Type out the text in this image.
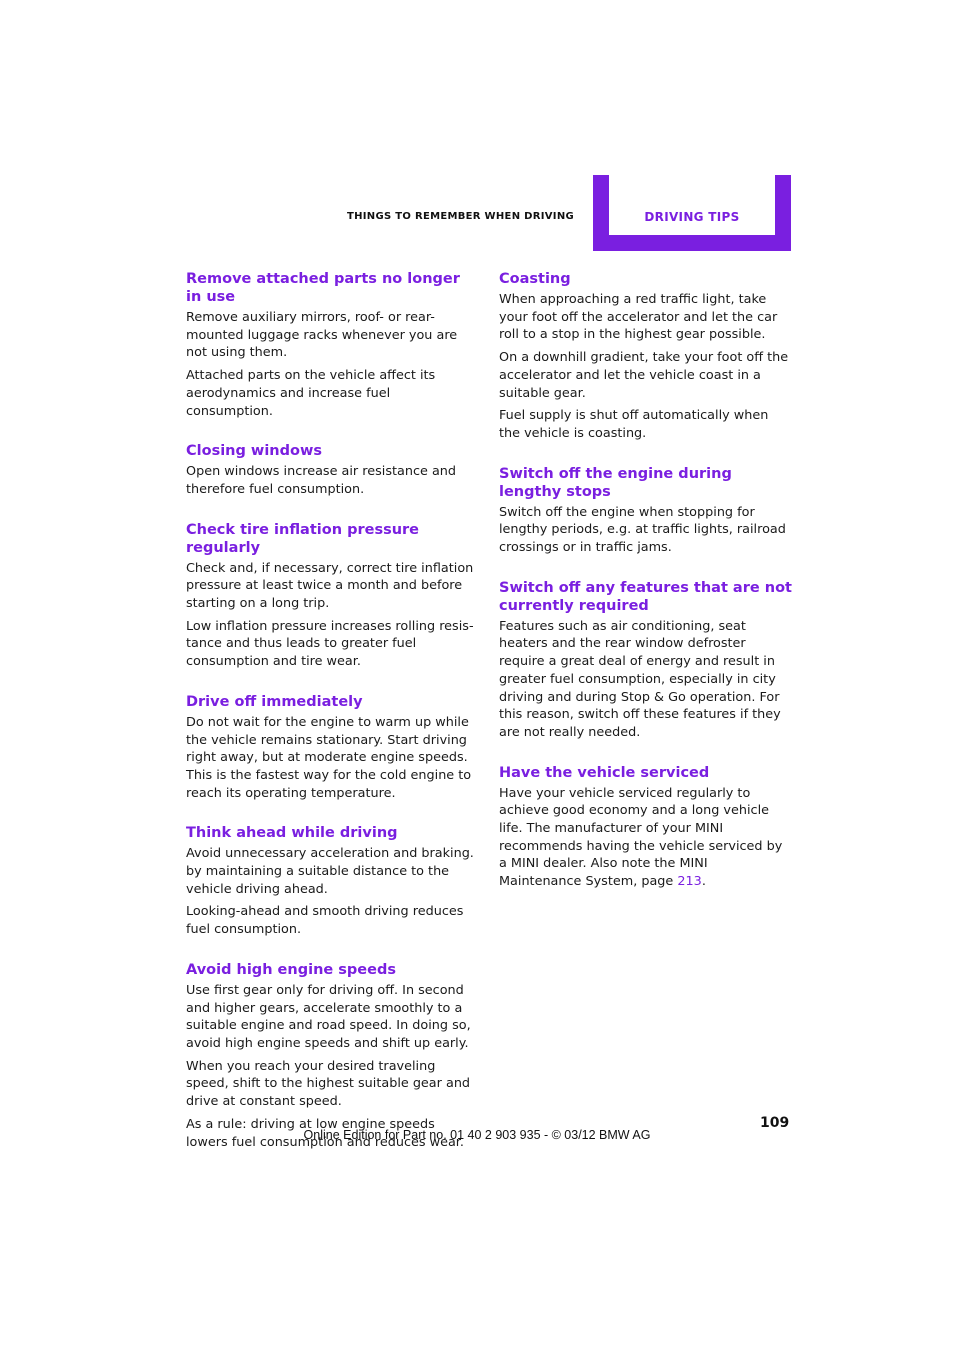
THINGS TO REMEMBER WHEN DRIVING	DRIVING TIPS
Remove attached parts no longer in use

Remove auxiliary mirrors, roof- or rear-mounted luggage racks whenever you are not using them.

Attached parts on the vehicle affect its aerodynamics and increase fuel consumption.

Closing windows

Open windows increase air resistance and therefore fuel consumption.

Check tire inflation pressure regularly

Check and, if necessary, correct tire inflation pressure at least twice a month and before starting on a long trip.

Low inflation pressure increases rolling resistance and thus leads to greater fuel consumption and tire wear.

Drive off immediately

Do not wait for the engine to warm up while the vehicle remains stationary. Start driving right away, but at moderate engine speeds. This is the fastest way for the cold engine to reach its operating temperature.

Think ahead while driving

Avoid unnecessary acceleration and braking. by maintaining a suitable distance to the vehicle driving ahead.

Looking-ahead and smooth driving reduces fuel consumption.

Avoid high engine speeds

Use first gear only for driving off. In second and higher gears, accelerate smoothly to a suitable engine and road speed. In doing so, avoid high engine speeds and shift up early.

When you reach your desired traveling speed, shift to the highest suitable gear and drive at constant speed.

As a rule: driving at low engine speeds lowers fuel consumption and reduces wear.

Coasting

When approaching a red traffic light, take your foot off the accelerator and let the car roll to a stop in the highest gear possible.

On a downhill gradient, take your foot off the accelerator and let the vehicle coast in a suitable gear.

Fuel supply is shut off automatically when the vehicle is coasting.

Switch off the engine during lengthy stops

Switch off the engine when stopping for lengthy periods, e.g. at traffic lights, railroad crossings or in traffic jams.

Switch off any features that are not currently required

Features such as air conditioning, seat heaters and the rear window defroster require a great deal of energy and result in greater fuel consumption, especially in city driving and during Stop & Go operation. For this reason, switch off these features if they are not really needed.

Have the vehicle serviced

Have your vehicle serviced regularly to achieve good economy and a long vehicle life. The manufacturer of your MINI recommends having the vehicle serviced by a MINI dealer. Also note the MINI Maintenance System, page 213.

109
Online Edition for Part no. 01 40 2 903 935 - © 03/12 BMW AG
